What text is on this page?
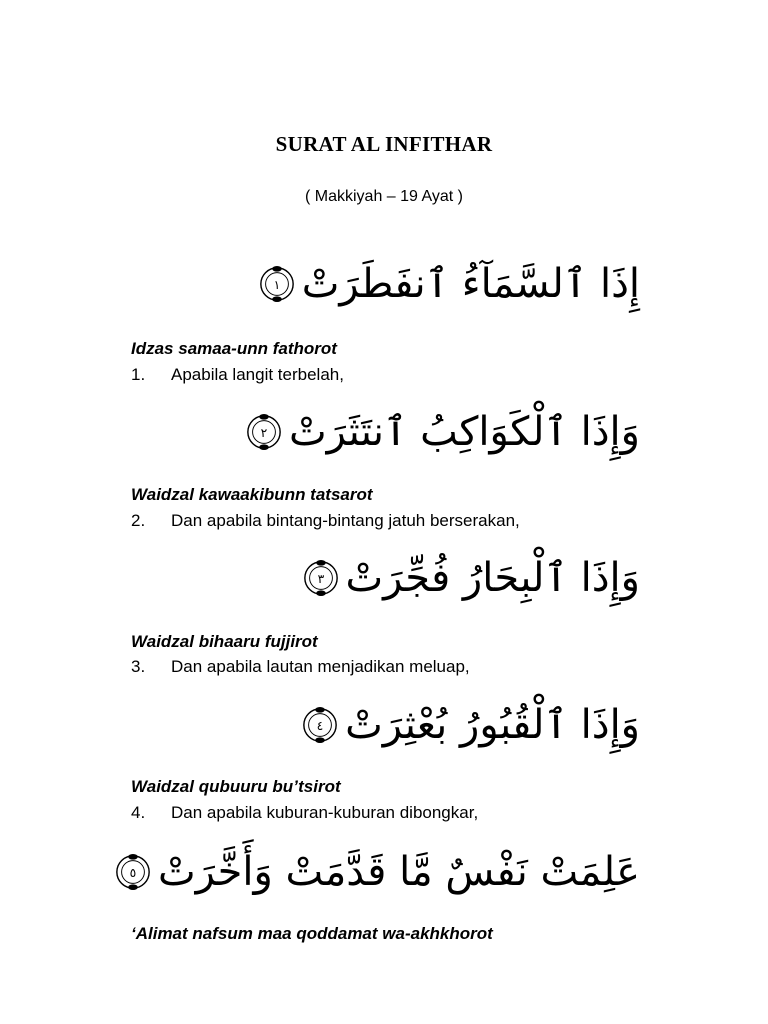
SURAT AL INFITHAR
( Makkiyah – 19 Ayat )
إِذَا ٱلسَّمَآءُ ٱنفَطَرَتْ
١
Idzas samaa-unn fathorot
1. Apabila langit terbelah,
وَإِذَا ٱلْكَوَاكِبُ ٱنتَثَرَتْ
٢
Waidzal kawaakibunn tatsarot
2. Dan apabila bintang-bintang jatuh berserakan,
وَإِذَا ٱلْبِحَارُ فُجِّرَتْ
٣
Waidzal bihaaru fujjirot
3. Dan apabila lautan menjadikan meluap,
وَإِذَا ٱلْقُبُورُ بُعْثِرَتْ
٤
Waidzal qubuuru bu’tsirot
4. Dan apabila kuburan-kuburan dibongkar,
عَلِمَتْ نَفْسٌ مَّا قَدَّمَتْ وَأَخَّرَتْ
٥
‘Alimat nafsum maa qoddamat wa-akhkhorot
